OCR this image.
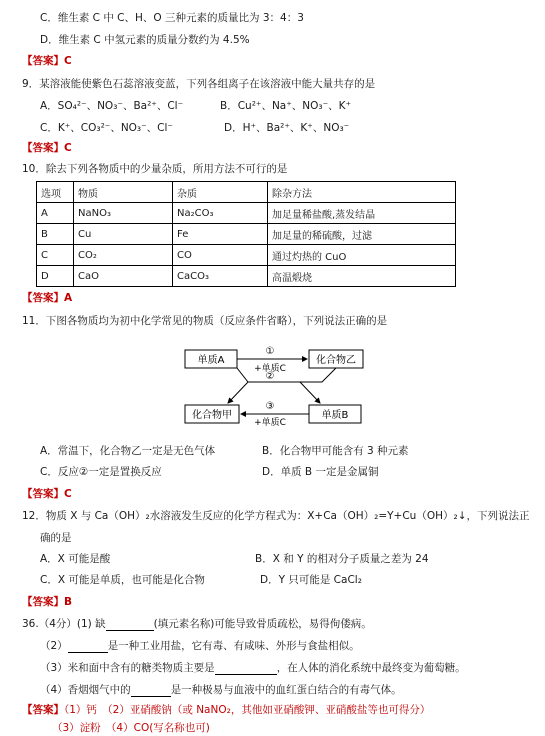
C．维生素 C 中 C、H、O 三种元素的质量比为 3：4：3
D．维生素 C 中氢元素的质量分数约为 4.5%
【答案】C
9．某溶液能使紫色石蕊溶液变蓝，下列各组离子在该溶液中能大量共存的是
A．SO₄²⁻、NO₃⁻、Ba²⁺、Cl⁻	B．Cu²⁺、Na⁺、NO₃⁻、K⁺
C．K⁺、CO₃²⁻、NO₃⁻、Cl⁻	D．H⁺、Ba²⁺、K⁺、NO₃⁻
【答案】C
10．除去下列各物质中的少量杂质，所用方法不可行的是
选项	物质	杂质	除杂方法
A	NaNO₃	Na₂CO₃	加足量稀盐酸,蒸发结晶
B	Cu	Fe	加足量的稀硫酸，过滤
C	CO₂	CO	通过灼热的 CuO
D	CaO	CaCO₃	高温煅烧
【答案】A
11．下图各物质均为初中化学常见的物质（反应条件省略），下列说法正确的是
单质A	化合物乙
化合物甲	单质B
①
+单质C
②
③
+单质C
A．常温下，化合物乙一定是无色气体	B．化合物甲可能含有 3 种元素
C．反应②一定是置换反应	D．单质 B 一定是金属铜
【答案】C
12．物质 X 与 Ca（OH）₂水溶液发生反应的化学方程式为：X+Ca（OH）₂=Y+Cu（OH）₂↓，下列说法正
确的是
A．X 可能是酸	B．X 和 Y 的相对分子质量之差为 24
C．X 可能是单质，也可能是化合物	D．Y 只可能是 CaCl₂
【答案】B
36.（4分）(1) 缺	(填元素名称)可能导致骨质疏松，易得佝偻病。
（2）	是一种工业用盐，它有毒、有咸味、外形与食盐相似。
（3）米和面中含有的糖类物质主要是	，在人体的消化系统中最终变为葡萄糖。
（4）香烟烟气中的	是一种极易与血液中的血红蛋白结合的有毒气体。
【答案】（1）钙　（2）亚硝酸钠（或 NaNO₂，其他如亚硝酸钾、亚硝酸盐等也可得分）
（3）淀粉　（4）CO(写名称也可)
